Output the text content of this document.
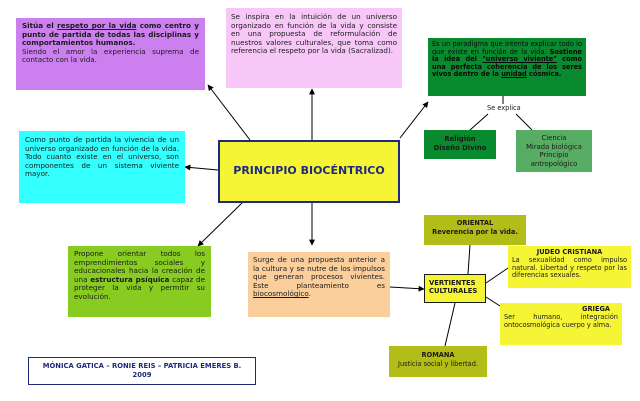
Sitúa el respeto por la vida como centro y punto de partida de todas las disciplinas y comportamientos humanos.
Siendo el amor la experiencia suprema de contacto con la vida.
Se inspira en la intuición de un universo organizado en función de la vida y consiste en una propuesta de reformulación de nuestros valores culturales, que toma como referencia el respeto por la vida (Sacralizad).
Como punto de partida la vivencia de un universo organizado en función de la vida. Todo cuanto existe en el universo, son componentes de un sistema viviente mayor.	PRINCIPIO BIOCÉNTRICO
Es un paradigma que intenta explicar todo lo que existe en función de la vida. Sostiene la idea del "universo viviente" como una perfecta coherencia de los seres vivos dentro de la unidad cósmica.
Se explica
Religión
Diseño Divino
Ciencia
Mirada biológica
Principio antropológico
Propone orientar todos los emprendimientos sociales y educacionales hacia la creación de una estructura psíquica capaz de proteger la vida y permitir su evolución.
Surge de una propuesta anterior a la cultura y se nutre de los impulsos que generan procesos vivientes. Este planteamiento es biocosmológico.
VERTIENTES
CULTURALES
ORIENTAL
Reverencia por la vida.
JUDEO CRISTIANA
La sexualidad como impulso natural. Libertad y respeto por las diferencias sexuales.
GRIEGA
Ser humano, integración ontocosmológica cuerpo y alma.
ROMANA
Justicia social y libertad.
MÓNICA GATICA – RONIE REIS – PATRICIA EMERES B.
2009
